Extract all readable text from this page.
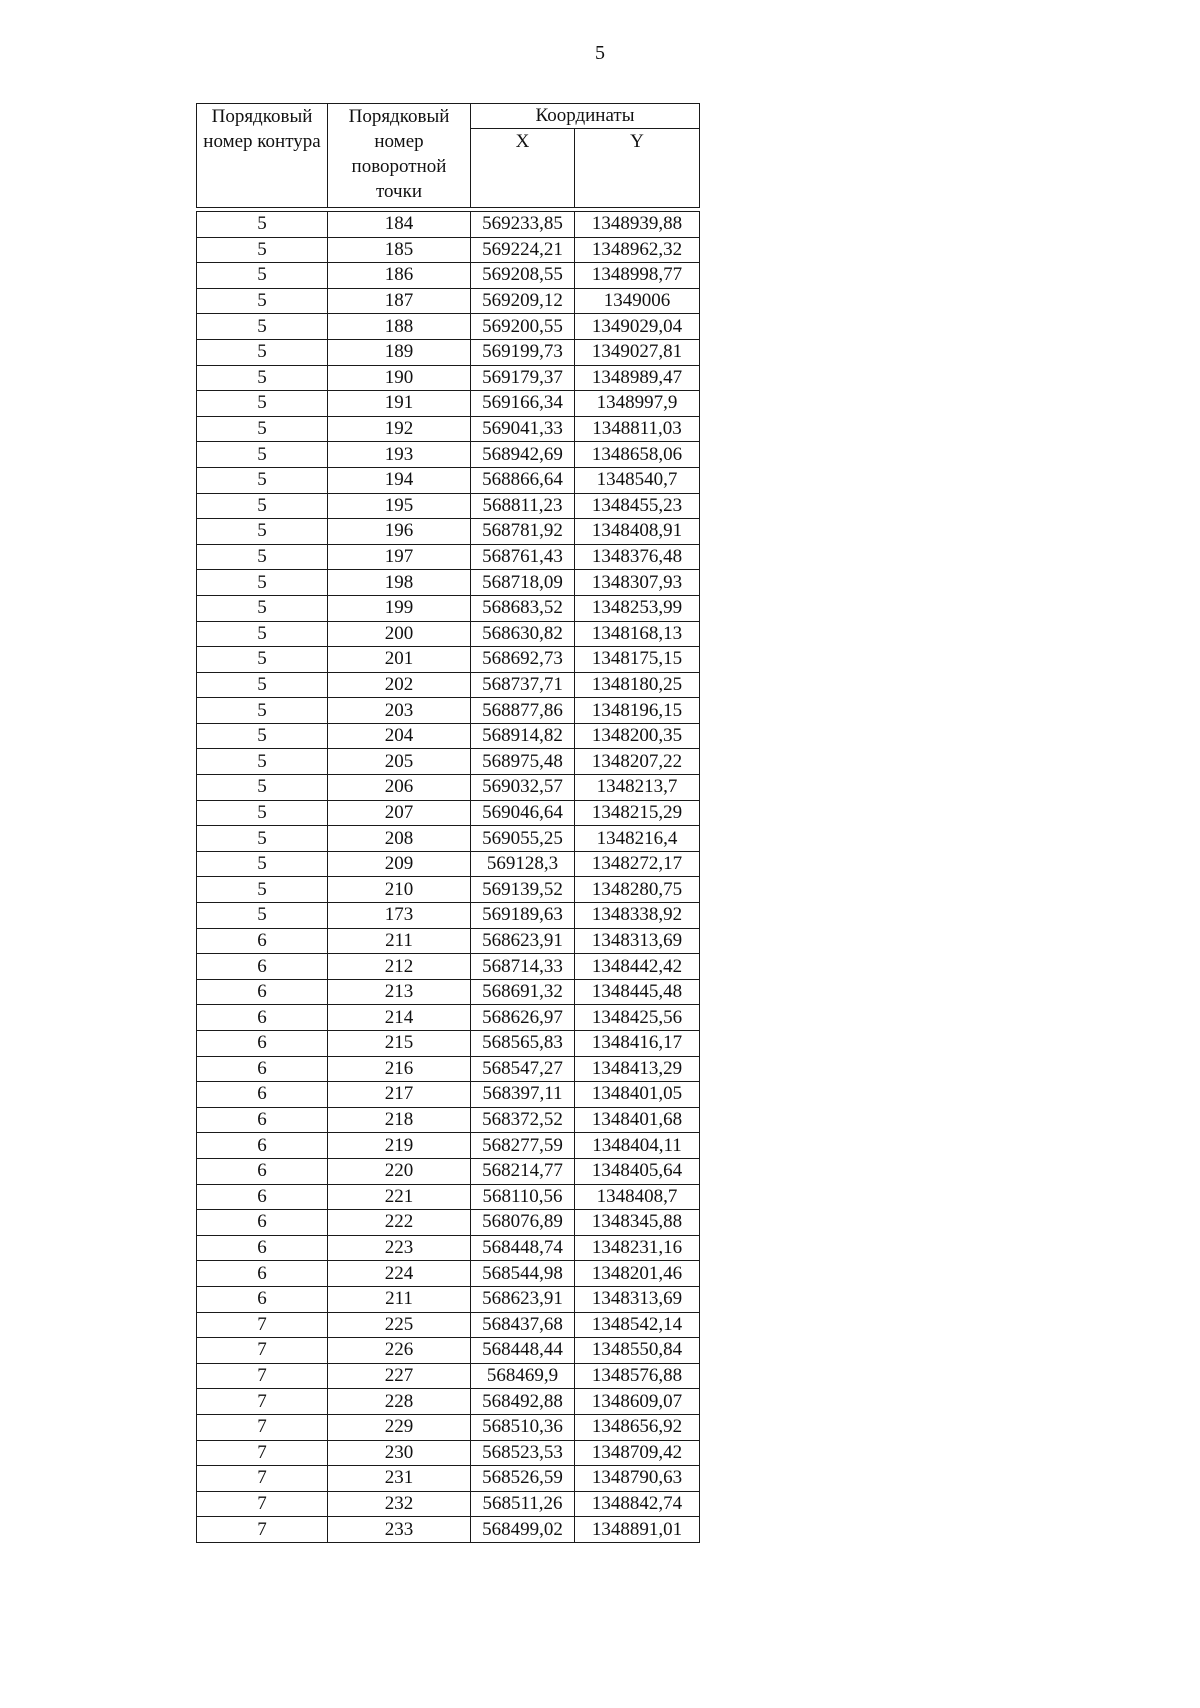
5
Порядковый номер контура	Порядковый номер поворотной точки	Координаты	
		X	Y

5	184	569233,85	1348939,88
5	185	569224,21	1348962,32
5	186	569208,55	1348998,77
5	187	569209,12	1349006
5	188	569200,55	1349029,04
5	189	569199,73	1349027,81
5	190	569179,37	1348989,47
5	191	569166,34	1348997,9
5	192	569041,33	1348811,03
5	193	568942,69	1348658,06
5	194	568866,64	1348540,7
5	195	568811,23	1348455,23
5	196	568781,92	1348408,91
5	197	568761,43	1348376,48
5	198	568718,09	1348307,93
5	199	568683,52	1348253,99
5	200	568630,82	1348168,13
5	201	568692,73	1348175,15
5	202	568737,71	1348180,25
5	203	568877,86	1348196,15
5	204	568914,82	1348200,35
5	205	568975,48	1348207,22
5	206	569032,57	1348213,7
5	207	569046,64	1348215,29
5	208	569055,25	1348216,4
5	209	569128,3	1348272,17
5	210	569139,52	1348280,75
5	173	569189,63	1348338,92
6	211	568623,91	1348313,69
6	212	568714,33	1348442,42
6	213	568691,32	1348445,48
6	214	568626,97	1348425,56
6	215	568565,83	1348416,17
6	216	568547,27	1348413,29
6	217	568397,11	1348401,05
6	218	568372,52	1348401,68
6	219	568277,59	1348404,11
6	220	568214,77	1348405,64
6	221	568110,56	1348408,7
6	222	568076,89	1348345,88
6	223	568448,74	1348231,16
6	224	568544,98	1348201,46
6	211	568623,91	1348313,69
7	225	568437,68	1348542,14
7	226	568448,44	1348550,84
7	227	568469,9	1348576,88
7	228	568492,88	1348609,07
7	229	568510,36	1348656,92
7	230	568523,53	1348709,42
7	231	568526,59	1348790,63
7	232	568511,26	1348842,74
7	233	568499,02	1348891,01
